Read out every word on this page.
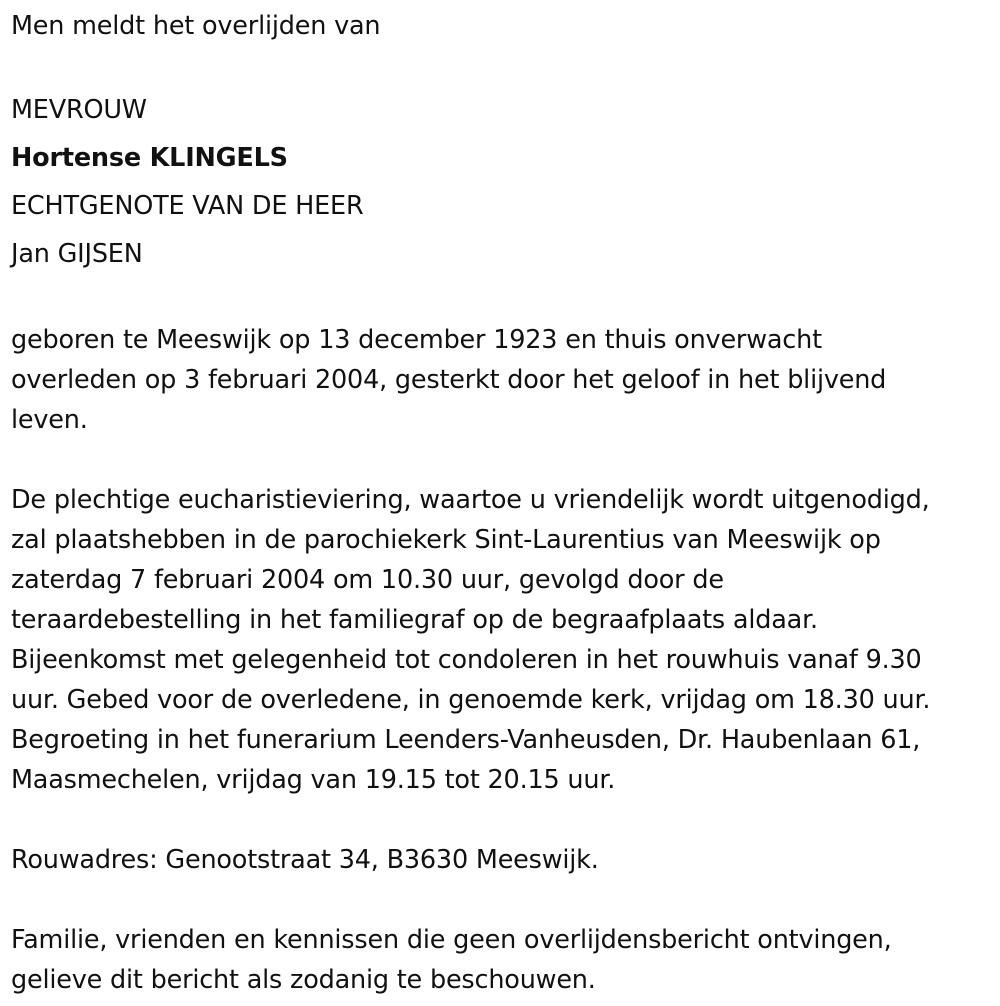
Men meldt het overlijden van
MEVROUW
Hortense KLINGELS
ECHTGENOTE VAN DE HEER
Jan GIJSEN
geboren te Meeswijk op 13 december 1923 en thuis onverwacht
overleden op 3 februari 2004, gesterkt door het geloof in het blijvend
leven.
De plechtige eucharistieviering, waartoe u vriendelijk wordt uitgenodigd,
zal plaatshebben in de parochiekerk Sint-Laurentius van Meeswijk op
zaterdag 7 februari 2004 om 10.30 uur, gevolgd door de
teraardebestelling in het familiegraf op de begraafplaats aldaar.
Bijeenkomst met gelegenheid tot condoleren in het rouwhuis vanaf 9.30
uur. Gebed voor de overledene, in genoemde kerk, vrijdag om 18.30 uur.
Begroeting in het funerarium Leenders-Vanheusden, Dr. Haubenlaan 61,
Maasmechelen, vrijdag van 19.15 tot 20.15 uur.
Rouwadres: Genootstraat 34, B3630 Meeswijk.
Familie, vrienden en kennissen die geen overlijdensbericht ontvingen,
gelieve dit bericht als zodanig te beschouwen.
